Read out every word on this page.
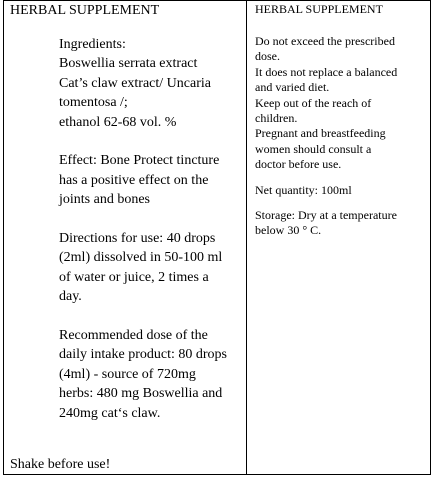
HERBAL SUPPLEMENT

Ingredients:
Boswellia serrata extract
Cat’s claw extract/ Uncaria
tomentosa /;
ethanol 62-68 vol. %

Effect: Bone Protect tincture
has a positive effect on the
joints and bones

Directions for use: 40 drops
(2ml) dissolved in 50-100 ml
of water or juice, 2 times a
day.

Recommended dose of the
daily intake product: 80 drops
(4ml) - source of 720mg
herbs: 480 mg Boswellia and
240mg cat‘s claw.

Shake before use!

HERBAL SUPPLEMENT
Do not exceed the prescribed
dose.
It does not replace a balanced
and varied diet.
Keep out of the reach of
children.
Pregnant and breastfeeding
women should consult a
doctor before use.
Net quantity: 100ml
Storage: Dry at a temperature
below 30 ° C.
